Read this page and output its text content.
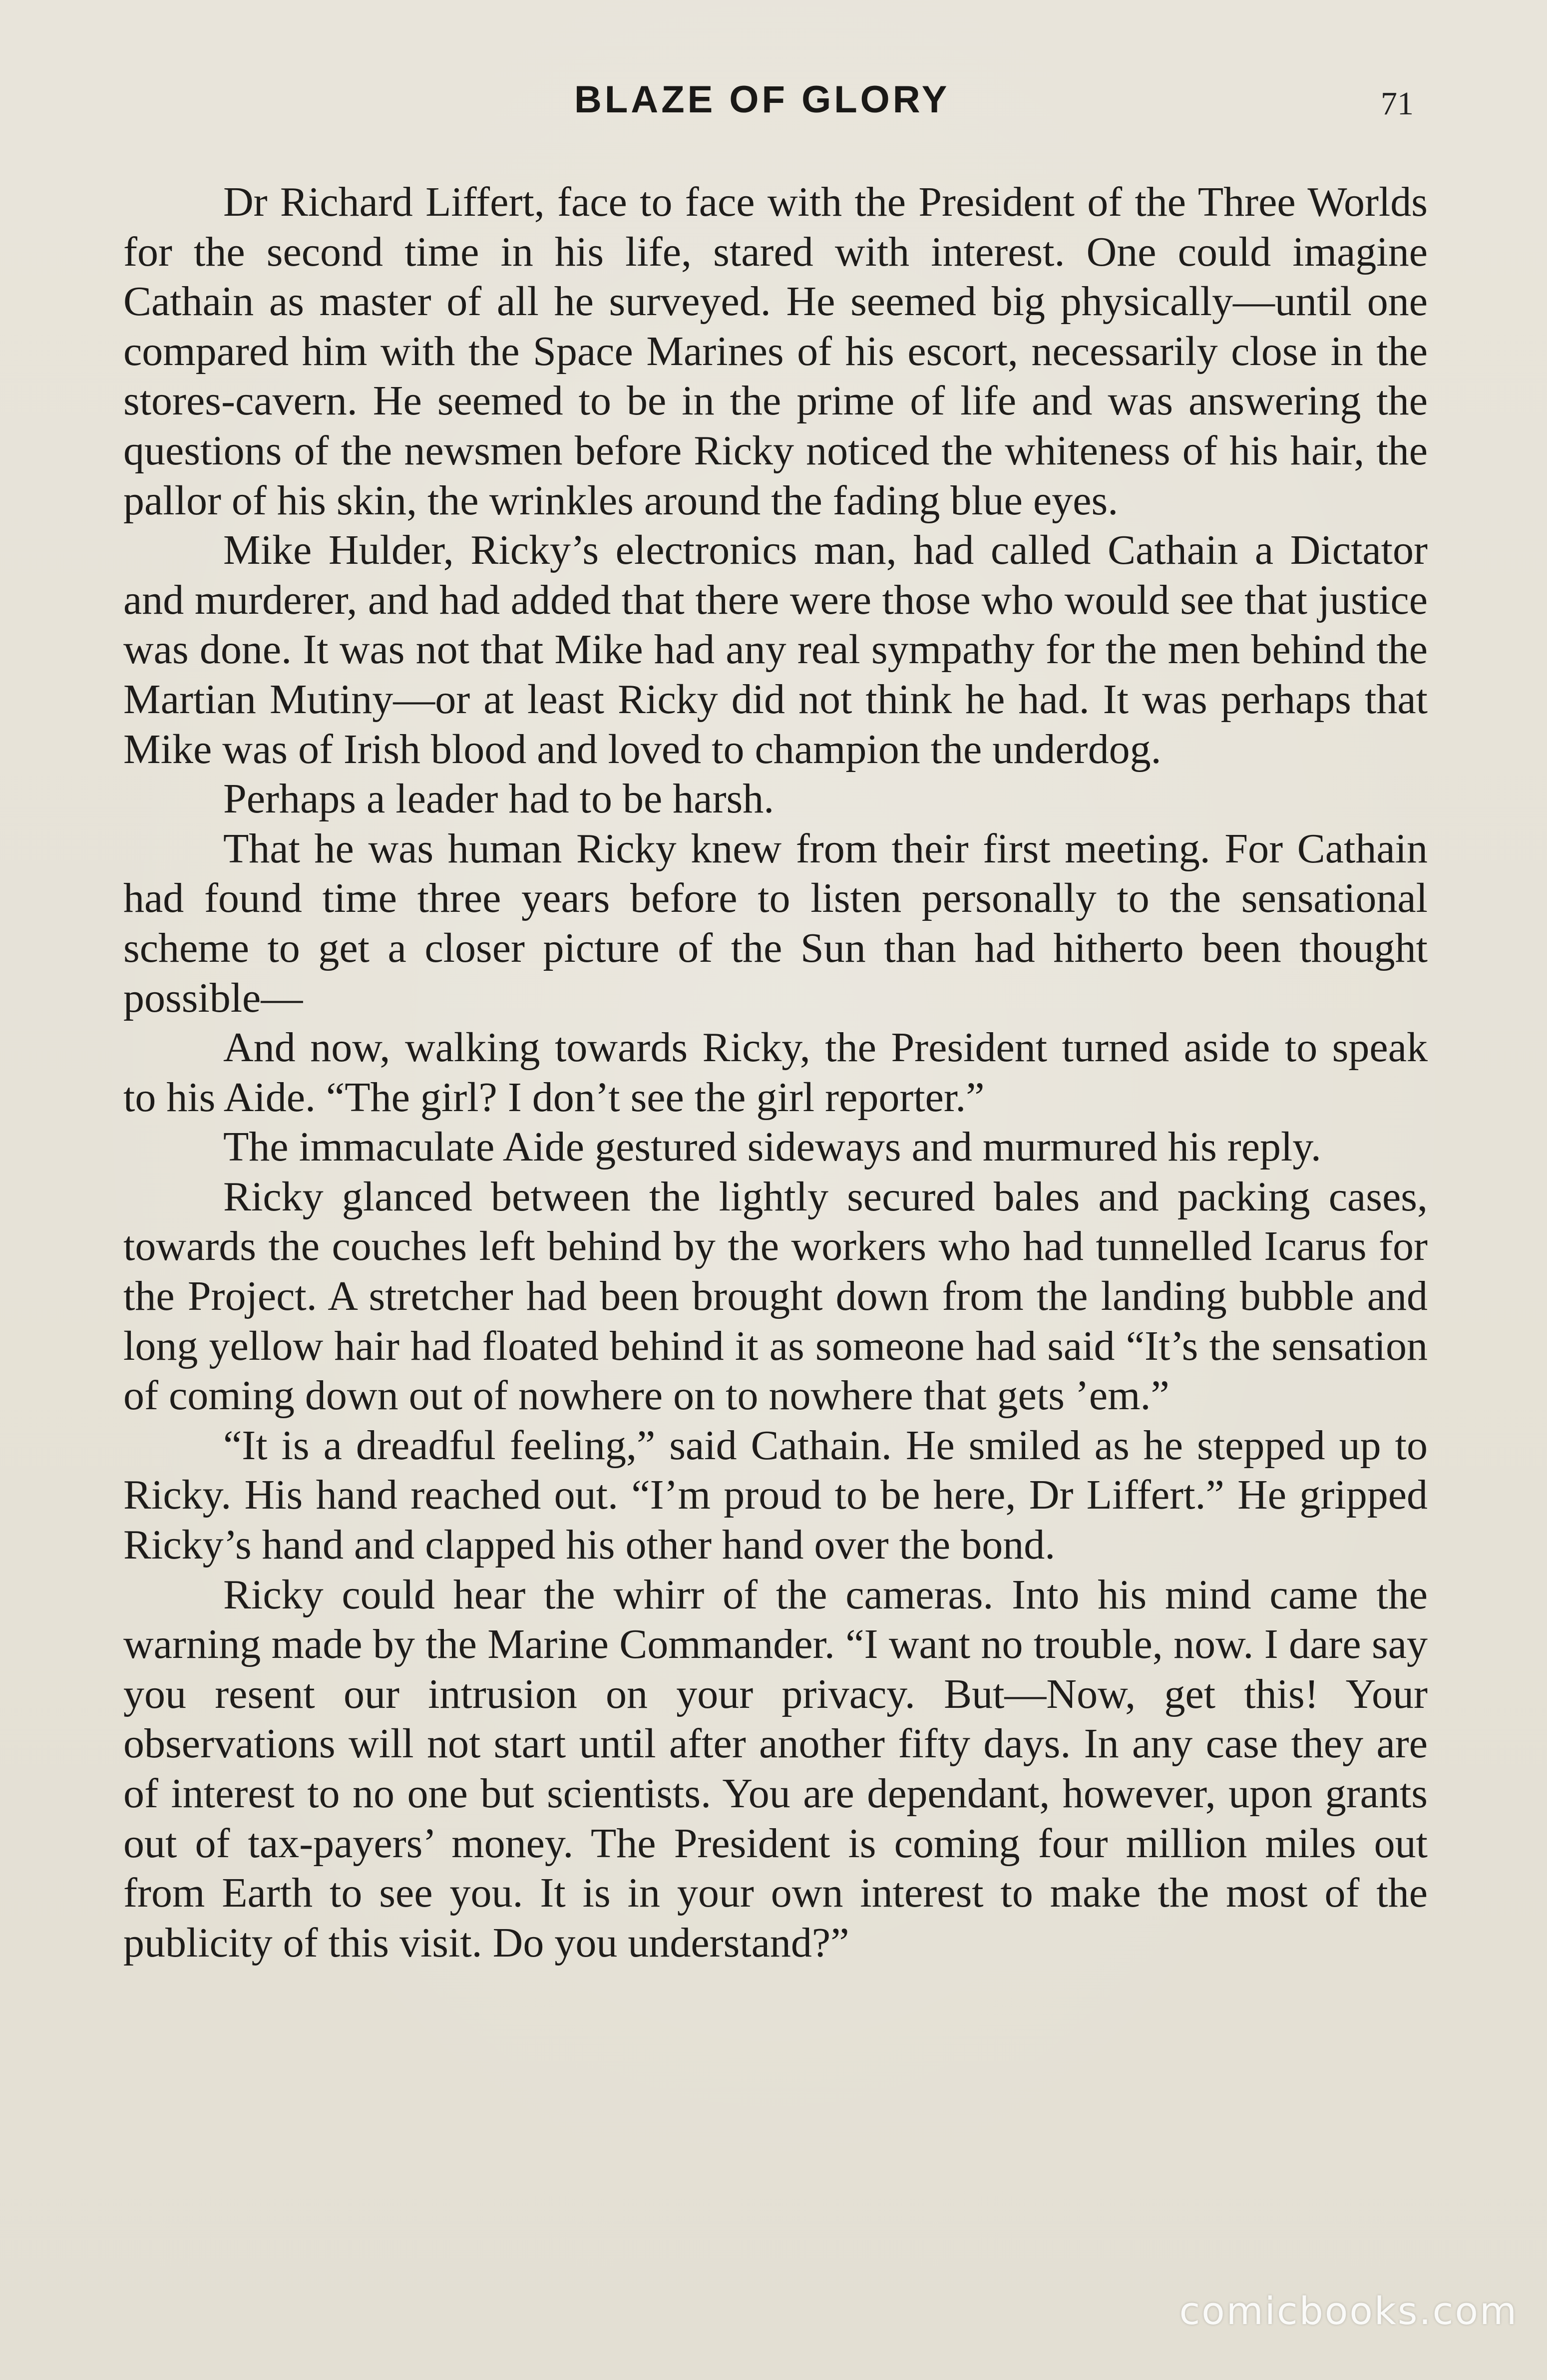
BLAZE OF GLORY	71

Dr Richard Liffert, face to face with the President of the Three Worlds for the second time in his life, stared with interest. One could imagine Cathain as master of all he surveyed. He seemed big physically—until one compared him with the Space Marines of his escort, necessarily close in the stores-cavern. He seemed to be in the prime of life and was answering the questions of the newsmen before Ricky noticed the whiteness of his hair, the pallor of his skin, the wrinkles around the fading blue eyes.

Mike Hulder, Ricky’s electronics man, had called Cathain a Dictator and murderer, and had added that there were those who would see that justice was done. It was not that Mike had any real sympathy for the men behind the Martian Mutiny—or at least Ricky did not think he had. It was perhaps that Mike was of Irish blood and loved to champion the underdog.

Perhaps a leader had to be harsh.

That he was human Ricky knew from their first meeting. For Cathain had found time three years before to listen personally to the sensational scheme to get a closer picture of the Sun than had hitherto been thought possible—

And now, walking towards Ricky, the President turned aside to speak to his Aide. “The girl? I don’t see the girl reporter.”

The immaculate Aide gestured sideways and murmured his reply.

Ricky glanced between the lightly secured bales and packing cases, towards the couches left behind by the workers who had tunnelled Icarus for the Project. A stretcher had been brought down from the landing bubble and long yellow hair had floated behind it as someone had said “It’s the sensation of coming down out of nowhere on to nowhere that gets ’em.”

“It is a dreadful feeling,” said Cathain. He smiled as he stepped up to Ricky. His hand reached out. “I’m proud to be here, Dr Liffert.” He gripped Ricky’s hand and clapped his other hand over the bond.

Ricky could hear the whirr of the cameras. Into his mind came the warning made by the Marine Commander. “I want no trouble, now. I dare say you resent our intrusion on your privacy. But—Now, get this! Your observations will not start until after another fifty days. In any case they are of interest to no one but scientists. You are dependant, however, upon grants out of tax-payers’ money. The President is coming four million miles out from Earth to see you. It is in your own interest to make the most of the publicity of this visit. Do you understand?”

comicbooks.com
